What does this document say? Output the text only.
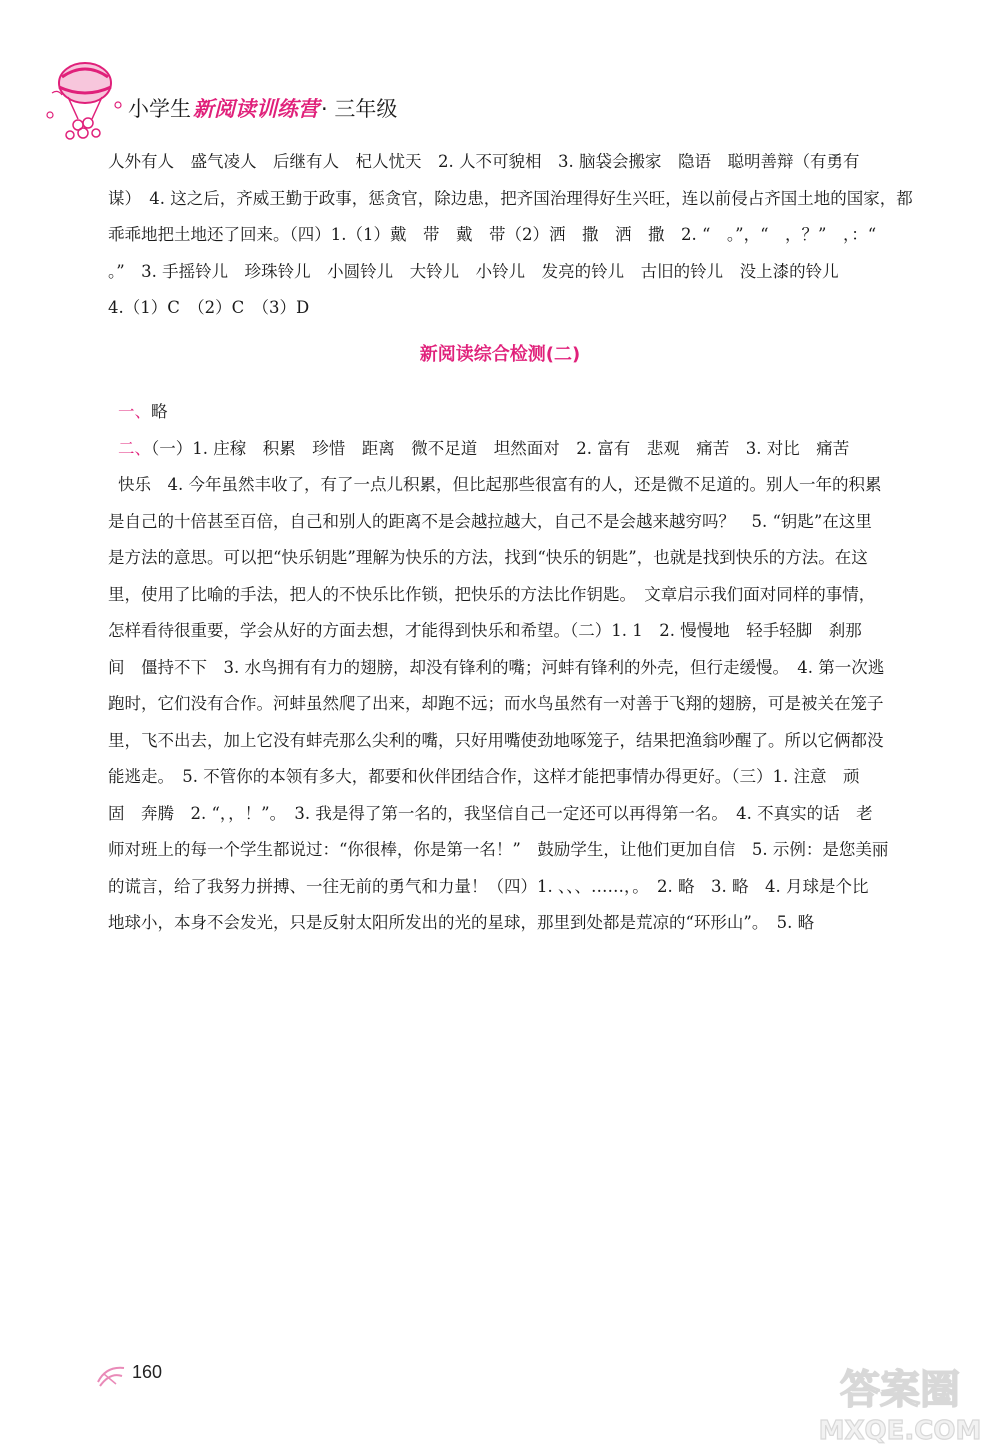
小学生新阅读训练营· 三年级
人外有人　盛气凌人　后继有人　杞人忧天　2. 人不可貌相　3. 脑袋会搬家　隐语　聪明善辩（有勇有
谋）　4. 这之后，齐威王勤于政事，惩贪官，除边患，把齐国治理得好生兴旺，连以前侵占齐国土地的国家，都
乖乖地把土地还了回来。（四）1.（1）戴　带　戴　带（2）洒　撒　洒　撒　2. “　。”，“　，？”　，：“
。”　3. 手摇铃儿　珍珠铃儿　小圆铃儿　大铃儿　小铃儿　发亮的铃儿　古旧的铃儿　没上漆的铃儿
4.（1）C　（2）C　（3）D
新阅读综合检测(二)
一、略
二、（一）1. 庄稼　积累　珍惜　距离　微不足道　坦然面对　2. 富有　悲观　痛苦　3. 对比　痛苦
快乐　4. 今年虽然丰收了，有了一点儿积累，但比起那些很富有的人，还是微不足道的。别人一年的积累
是自己的十倍甚至百倍，自己和别人的距离不是会越拉越大，自己不是会越来越穷吗？　5. “钥匙”在这里
是方法的意思。可以把“快乐钥匙”理解为快乐的方法，找到“快乐的钥匙”，也就是找到快乐的方法。在这
里，使用了比喻的手法，把人的不快乐比作锁，把快乐的方法比作钥匙。　文章启示我们面对同样的事情，
怎样看待很重要，学会从好的方面去想，才能得到快乐和希望。（二）1. 1　2. 慢慢地　轻手轻脚　刹那
间　僵持不下　3. 水鸟拥有有力的翅膀，却没有锋利的嘴；河蚌有锋利的外壳，但行走缓慢。　4. 第一次逃
跑时，它们没有合作。河蚌虽然爬了出来，却跑不远；而水鸟虽然有一对善于飞翔的翅膀，可是被关在笼子
里，飞不出去，加上它没有蚌壳那么尖利的嘴，只好用嘴使劲地啄笼子，结果把渔翁吵醒了。所以它俩都没
能逃走。　5. 不管你的本领有多大，都要和伙伴团结合作，这样才能把事情办得更好。（三）1. 注意　顽
固　奔腾　2. “，，！”。　3. 我是得了第一名的，我坚信自己一定还可以再得第一名。　4. 不真实的话　老
师对班上的每一个学生都说过：“你很棒，你是第一名！”　鼓励学生，让他们更加自信　5. 示例：是您美丽
的谎言，给了我努力拼搏、一往无前的勇气和力量！（四）1. 、、、……，。　2. 略　3. 略　4. 月球是个比
地球小，本身不会发光，只是反射太阳所发出的光的星球，那里到处都是荒凉的“环形山”。　5. 略
160	答案圈
MXQE.COM
